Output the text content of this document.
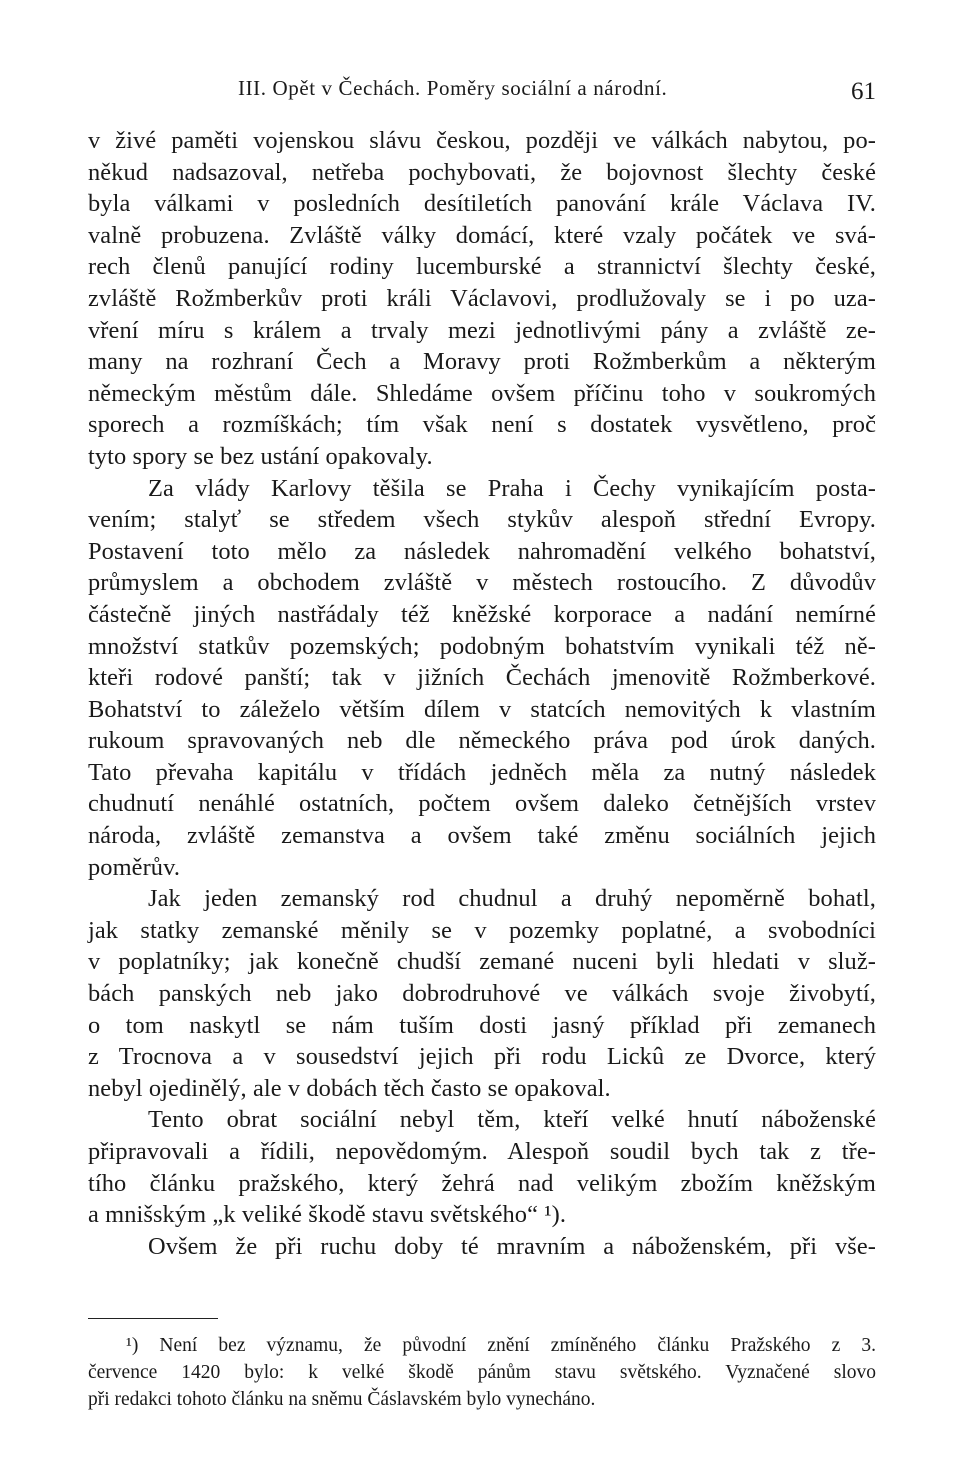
III. Opět v Čechách. Poměry sociální a národní.	61
v živé paměti vojenskou slávu českou, později ve válkách nabytou, po-
někud nadsazoval, netřeba pochybovati, že bojovnost šlechty české
byla válkami v posledních desítiletích panování krále Václava IV.
valně probuzena. Zvláště války domácí, které vzaly počátek ve svá-
rech členů panující rodiny lucemburské a strannictví šlechty české,
zvláště Rožmberkův proti králi Václavovi, prodlužovaly se i po uza-
vření míru s králem a trvaly mezi jednotlivými pány a zvláště ze-
many na rozhraní Čech a Moravy proti Rožmberkům a některým
německým městům dále. Shledáme ovšem příčinu toho v soukromých
sporech a rozmíškách; tím však není s dostatek vysvětleno, proč
tyto spory se bez ustání opakovaly.
Za vlády Karlovy těšila se Praha i Čechy vynikajícím posta-
vením; stalyť se středem všech stykův alespoň střední Evropy.
Postavení toto mělo za následek nahromadění velkého bohatství,
průmyslem a obchodem zvláště v městech rostoucího. Z důvodův
částečně jiných nastřádaly též kněžské korporace a nadání nemírné
množství statkův pozemských; podobným bohatstvím vynikali též ně-
kteři rodové panští; tak v jižních Čechách jmenovitě Rožmberkové.
Bohatství to záleželo větším dílem v statcích nemovitých k vlastním
rukoum spravovaných neb dle německého práva pod úrok daných.
Tato převaha kapitálu v třídách jedněch měla za nutný následek
chudnutí nenáhlé ostatních, počtem ovšem daleko četnějších vrstev
národa, zvláště zemanstva a ovšem také změnu sociálních jejich
poměrův.
Jak jeden zemanský rod chudnul a druhý nepoměrně bohatl,
jak statky zemanské měnily se v pozemky poplatné, a svobodníci
v poplatníky; jak konečně chudší zemané nuceni byli hledati v služ-
bách panských neb jako dobrodruhové ve válkách svoje živobytí,
o tom naskytl se nám tuším dosti jasný příklad při zemanech
z Trocnova a v sousedství jejich při rodu Lickû ze Dvorce, který
nebyl ojedinělý, ale v dobách těch často se opakoval.
Tento obrat sociální nebyl těm, kteří velké hnutí náboženské
připravovali a řídili, nepovědomým. Alespoň soudil bych tak z tře-
tího článku pražského, který žehrá nad velikým zbožím kněžským
a mnišským „k veliké škodě stavu světského“ ¹).
Ovšem že při ruchu doby té mravním a náboženském, při vše-
¹) Není bez významu, že původní znění zmíněného článku Pražského z 3.
července 1420 bylo: k velké škodě pánům stavu světského. Vyznačené slovo
při redakci tohoto článku na sněmu Čáslavském bylo vynecháno.
